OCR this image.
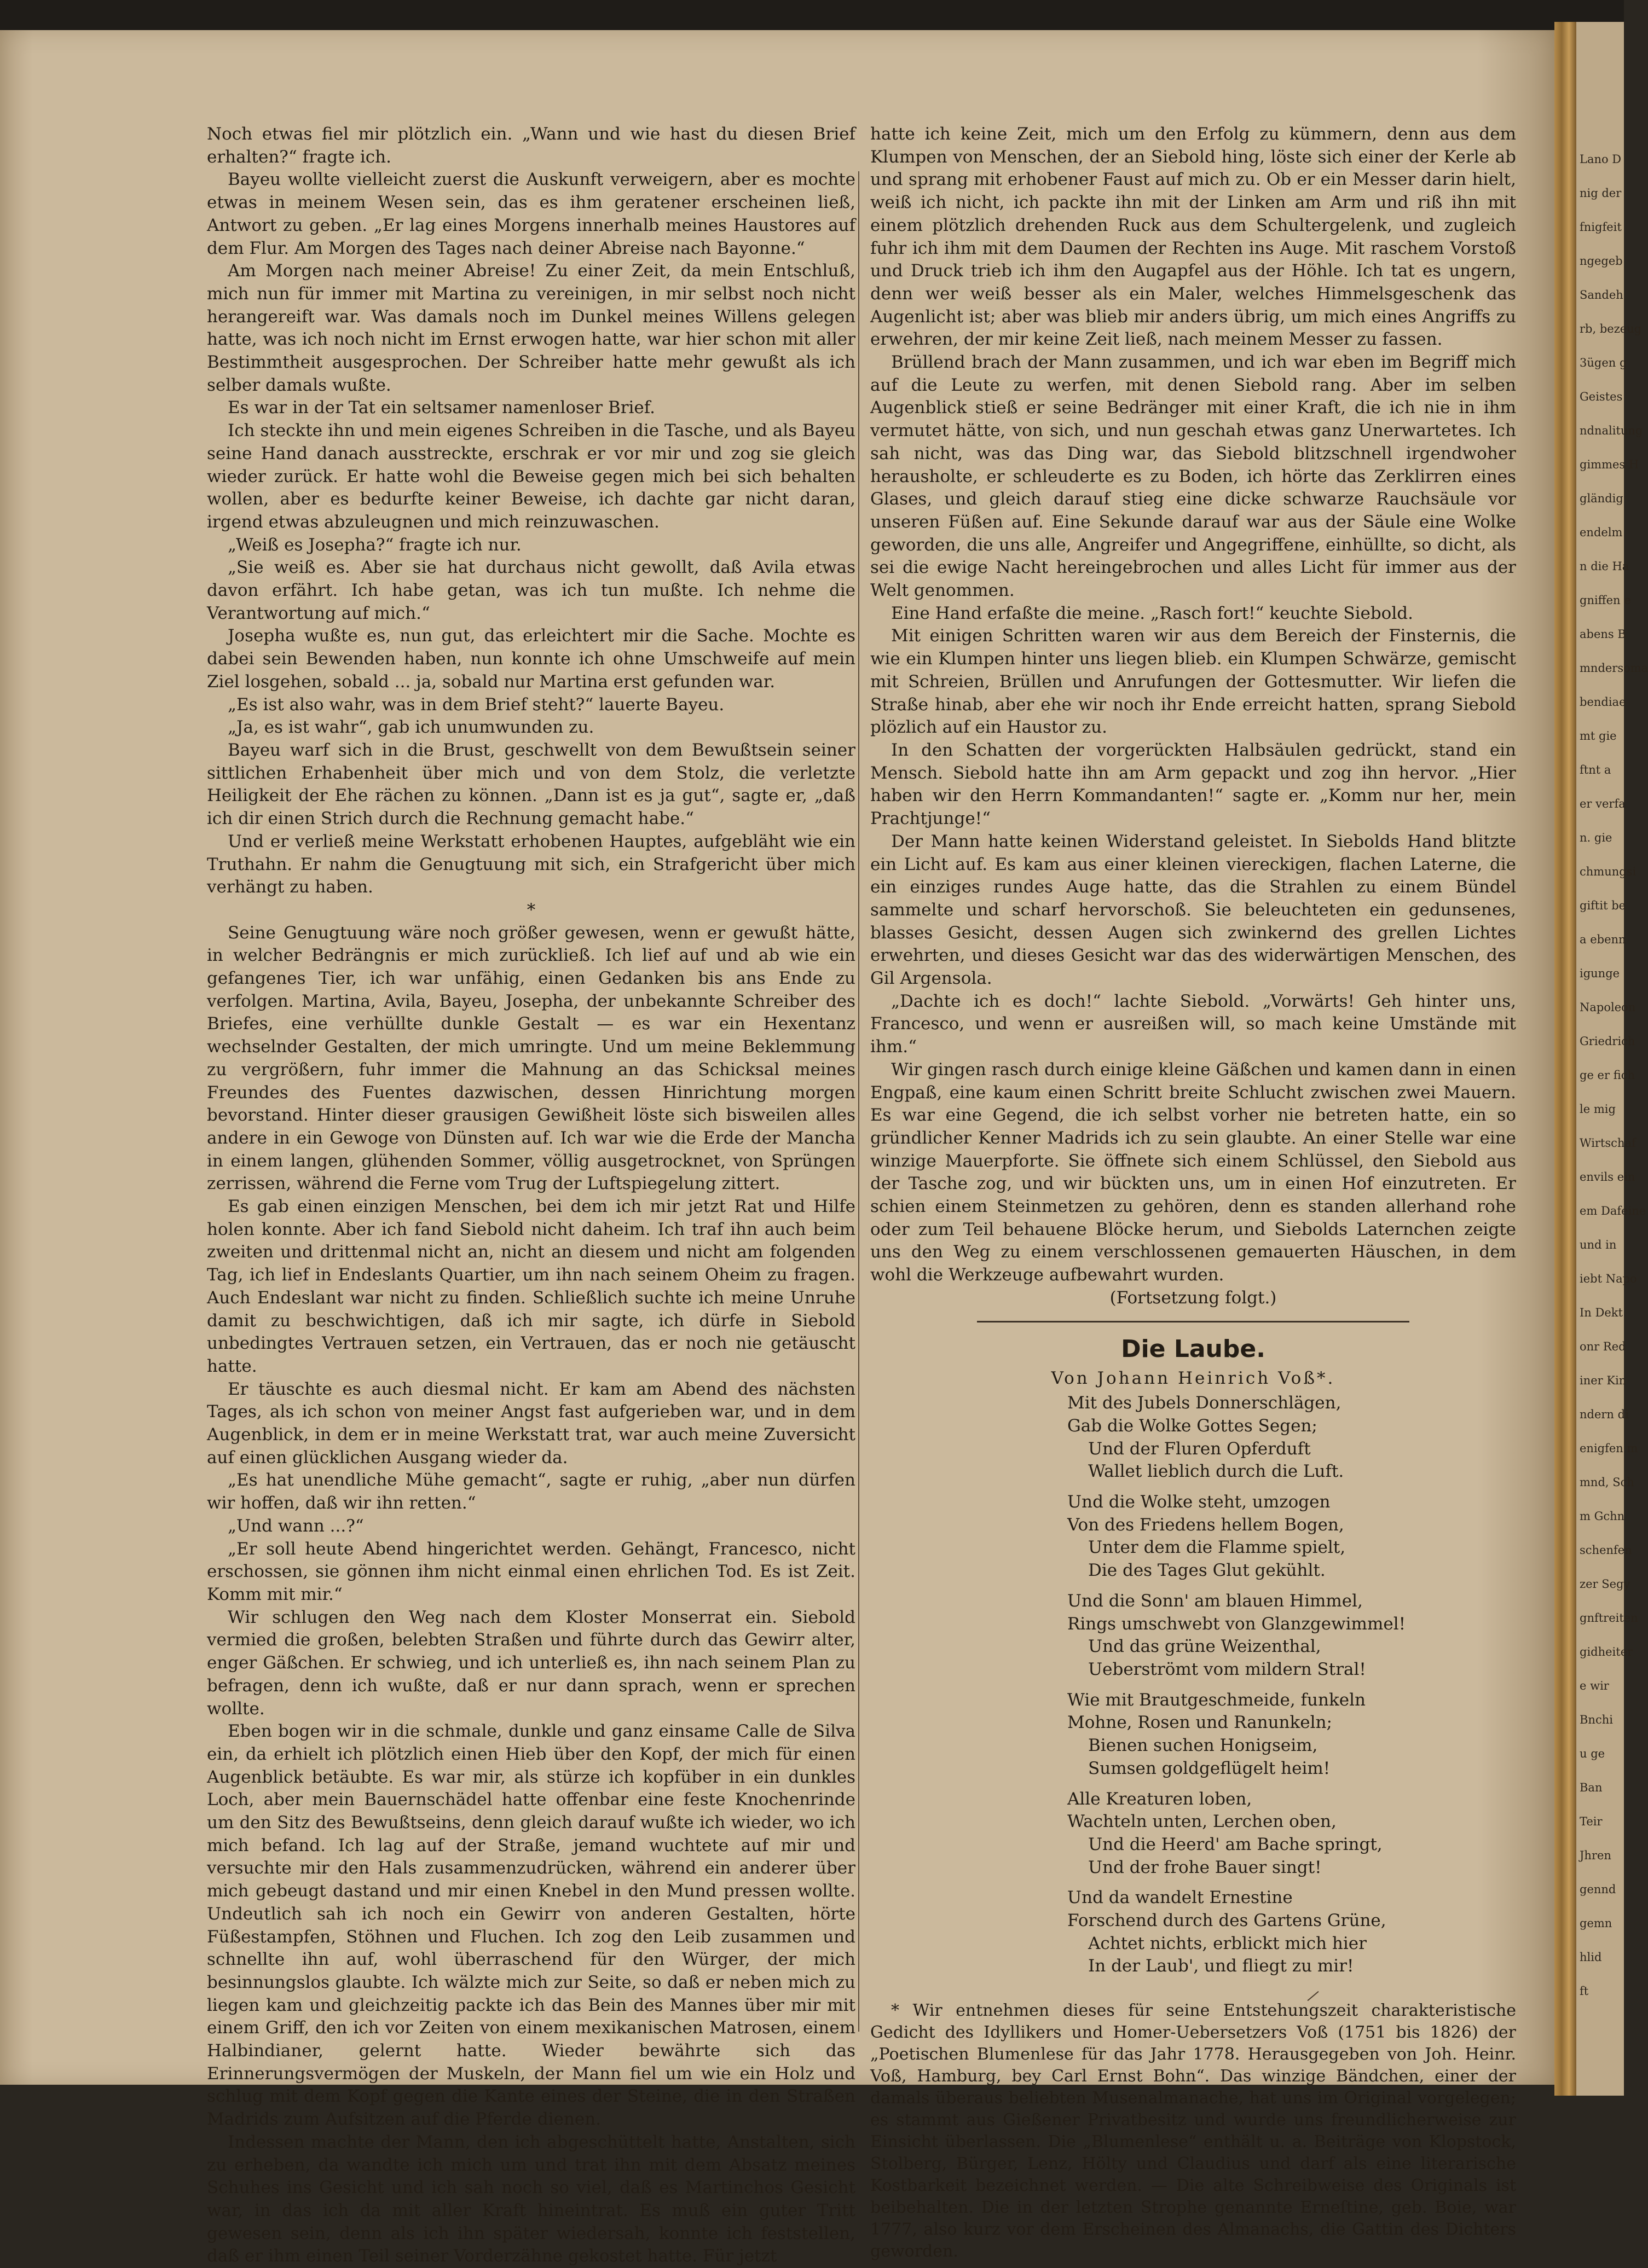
Noch etwas fiel mir plötzlich ein. „Wann und wie hast du diesen Brief erhalten?“ fragte ich.

Bayeu wollte vielleicht zuerst die Auskunft verweigern, aber es mochte etwas in meinem Wesen sein, das es ihm geratener erscheinen ließ, Antwort zu geben. „Er lag eines Morgens innerhalb meines Haustores auf dem Flur. Am Morgen des Tages nach deiner Abreise nach Bayonne.“

Am Morgen nach meiner Abreise! Zu einer Zeit, da mein Entschluß, mich nun für immer mit Martina zu vereinigen, in mir selbst noch nicht herangereift war. Was damals noch im Dunkel meines Willens gelegen hatte, was ich noch nicht im Ernst erwogen hatte, war hier schon mit aller Bestimmtheit ausgesprochen. Der Schreiber hatte mehr gewußt als ich selber damals wußte.

Es war in der Tat ein seltsamer namenloser Brief.

Ich steckte ihn und mein eigenes Schreiben in die Tasche, und als Bayeu seine Hand danach ausstreckte, erschrak er vor mir und zog sie gleich wieder zurück. Er hatte wohl die Beweise gegen mich bei sich behalten wollen, aber es bedurfte keiner Beweise, ich dachte gar nicht daran, irgend etwas abzuleugnen und mich reinzuwaschen.

„Weiß es Josepha?“ fragte ich nur.

„Sie weiß es. Aber sie hat durchaus nicht gewollt, daß Avila etwas davon erfährt. Ich habe getan, was ich tun mußte. Ich nehme die Verantwortung auf mich.“

Josepha wußte es, nun gut, das erleichtert mir die Sache. Mochte es dabei sein Bewenden haben, nun konnte ich ohne Umschweife auf mein Ziel losgehen, sobald ... ja, sobald nur Martina erst gefunden war.

„Es ist also wahr, was in dem Brief steht?“ lauerte Bayeu.

„Ja, es ist wahr“, gab ich unumwunden zu.

Bayeu warf sich in die Brust, geschwellt von dem Bewußtsein seiner sittlichen Erhabenheit über mich und von dem Stolz, die verletzte Heiligkeit der Ehe rächen zu können. „Dann ist es ja gut“, sagte er, „daß ich dir einen Strich durch die Rechnung gemacht habe.“

Und er verließ meine Werkstatt erhobenen Hauptes, aufgebläht wie ein Truthahn. Er nahm die Genugtuung mit sich, ein Strafgericht über mich verhängt zu haben.

*

Seine Genugtuung wäre noch größer gewesen, wenn er gewußt hätte, in welcher Bedrängnis er mich zurückließ. Ich lief auf und ab wie ein gefangenes Tier, ich war unfähig, einen Gedanken bis ans Ende zu verfolgen. Martina, Avila, Bayeu, Josepha, der unbekannte Schreiber des Briefes, eine verhüllte dunkle Gestalt — es war ein Hexentanz wechselnder Gestalten, der mich umringte. Und um meine Beklemmung zu vergrößern, fuhr immer die Mahnung an das Schicksal meines Freundes des Fuentes dazwischen, dessen Hinrichtung morgen bevorstand. Hinter dieser grausigen Gewißheit löste sich bisweilen alles andere in ein Gewoge von Dünsten auf. Ich war wie die Erde der Mancha in einem langen, glühenden Sommer, völlig ausgetrocknet, von Sprüngen zerrissen, während die Ferne vom Trug der Luftspiegelung zittert.

Es gab einen einzigen Menschen, bei dem ich mir jetzt Rat und Hilfe holen konnte. Aber ich fand Siebold nicht daheim. Ich traf ihn auch beim zweiten und drittenmal nicht an, nicht an diesem und nicht am folgenden Tag, ich lief in Endeslants Quartier, um ihn nach seinem Oheim zu fragen. Auch Endeslant war nicht zu finden. Schließlich suchte ich meine Unruhe damit zu beschwichtigen, daß ich mir sagte, ich dürfe in Siebold unbedingtes Vertrauen setzen, ein Vertrauen, das er noch nie getäuscht hatte.

Er täuschte es auch diesmal nicht. Er kam am Abend des nächsten Tages, als ich schon von meiner Angst fast aufgerieben war, und in dem Augenblick, in dem er in meine Werkstatt trat, war auch meine Zuversicht auf einen glücklichen Ausgang wieder da.

„Es hat unendliche Mühe gemacht“, sagte er ruhig, „aber nun dürfen wir hoffen, daß wir ihn retten.“

„Und wann ...?“

„Er soll heute Abend hingerichtet werden. Gehängt, Francesco, nicht erschossen, sie gönnen ihm nicht einmal einen ehrlichen Tod. Es ist Zeit. Komm mit mir.“

Wir schlugen den Weg nach dem Kloster Monserrat ein. Siebold vermied die großen, belebten Straßen und führte durch das Gewirr alter, enger Gäßchen. Er schwieg, und ich unterließ es, ihn nach seinem Plan zu befragen, denn ich wußte, daß er nur dann sprach, wenn er sprechen wollte.

Eben bogen wir in die schmale, dunkle und ganz einsame Calle de Silva ein, da erhielt ich plötzlich einen Hieb über den Kopf, der mich für einen Augenblick betäubte. Es war mir, als stürze ich kopfüber in ein dunkles Loch, aber mein Bauernschädel hatte offenbar eine feste Knochenrinde um den Sitz des Bewußtseins, denn gleich darauf wußte ich wieder, wo ich mich befand. Ich lag auf der Straße, jemand wuchtete auf mir und versuchte mir den Hals zusammenzudrücken, während ein anderer über mich gebeugt dastand und mir einen Knebel in den Mund pressen wollte. Undeutlich sah ich noch ein Gewirr von anderen Gestalten, hörte Füßestampfen, Stöhnen und Fluchen. Ich zog den Leib zusammen und schnellte ihn auf, wohl überraschend für den Würger, der mich besinnungslos glaubte. Ich wälzte mich zur Seite, so daß er neben mich zu liegen kam und gleichzeitig packte ich das Bein des Mannes über mir mit einem Griff, den ich vor Zeiten von einem mexikanischen Matrosen, einem Halbindianer, gelernt hatte. Wieder bewährte sich das Erinnerungsvermögen der Muskeln, der Mann fiel um wie ein Holz und schlug mit dem Kopf gegen die Kante eines der Steine, die in den Straßen Madrids zum Aufsitzen auf die Pferde dienen.

Indessen machte der Mann, den ich abgeschüttelt hatte, Anstalten, sich zu erheben, da wandte ich mich um und trat ihn mit dem Absatz meines Schuhes ins Gesicht und ich sah noch so viel, daß es Martinchos Gesicht war, in das ich da mit aller Kraft hineintrat. Es muß ein guter Tritt gewesen sein, denn als ich ihn später wiedersah, konnte ich feststellen, daß er ihm einen Teil seiner Vorderzähne gekostet hatte. Für jetzt

hatte ich keine Zeit, mich um den Erfolg zu kümmern, denn aus dem Klumpen von Menschen, der an Siebold hing, löste sich einer der Kerle ab und sprang mit erhobener Faust auf mich zu. Ob er ein Messer darin hielt, weiß ich nicht, ich packte ihn mit der Linken am Arm und riß ihn mit einem plötzlich drehenden Ruck aus dem Schultergelenk, und zugleich fuhr ich ihm mit dem Daumen der Rechten ins Auge. Mit raschem Vorstoß und Druck trieb ich ihm den Augapfel aus der Höhle. Ich tat es ungern, denn wer weiß besser als ein Maler, welches Himmelsgeschenk das Augenlicht ist; aber was blieb mir anders übrig, um mich eines Angriffs zu erwehren, der mir keine Zeit ließ, nach meinem Messer zu fassen.

Brüllend brach der Mann zusammen, und ich war eben im Begriff mich auf die Leute zu werfen, mit denen Siebold rang. Aber im selben Augenblick stieß er seine Bedränger mit einer Kraft, die ich nie in ihm vermutet hätte, von sich, und nun geschah etwas ganz Unerwartetes. Ich sah nicht, was das Ding war, das Siebold blitzschnell irgendwoher herausholte, er schleuderte es zu Boden, ich hörte das Zerklirren eines Glases, und gleich darauf stieg eine dicke schwarze Rauchsäule vor unseren Füßen auf. Eine Sekunde darauf war aus der Säule eine Wolke geworden, die uns alle, Angreifer und Angegriffene, einhüllte, so dicht, als sei die ewige Nacht hereingebrochen und alles Licht für immer aus der Welt genommen.

Eine Hand erfaßte die meine. „Rasch fort!“ keuchte Siebold.

Mit einigen Schritten waren wir aus dem Bereich der Finsternis, die wie ein Klumpen hinter uns liegen blieb. ein Klumpen Schwärze, gemischt mit Schreien, Brüllen und Anrufungen der Gottesmutter. Wir liefen die Straße hinab, aber ehe wir noch ihr Ende erreicht hatten, sprang Siebold plözlich auf ein Haustor zu.

In den Schatten der vorgerückten Halbsäulen gedrückt, stand ein Mensch. Siebold hatte ihn am Arm gepackt und zog ihn hervor. „Hier haben wir den Herrn Kommandanten!“ sagte er. „Komm nur her, mein Prachtjunge!“

Der Mann hatte keinen Widerstand geleistet. In Siebolds Hand blitzte ein Licht auf. Es kam aus einer kleinen viereckigen, flachen Laterne, die ein einziges rundes Auge hatte, das die Strahlen zu einem Bündel sammelte und scharf hervorschoß. Sie beleuchteten ein gedunsenes, blasses Gesicht, dessen Augen sich zwinkernd des grellen Lichtes erwehrten, und dieses Gesicht war das des widerwärtigen Menschen, des Gil Argensola.

„Dachte ich es doch!“ lachte Siebold. „Vorwärts! Geh hinter uns, Francesco, und wenn er ausreißen will, so mach keine Umstände mit ihm.“

Wir gingen rasch durch einige kleine Gäßchen und kamen dann in einen Engpaß, eine kaum einen Schritt breite Schlucht zwischen zwei Mauern. Es war eine Gegend, die ich selbst vorher nie betreten hatte, ein so gründlicher Kenner Madrids ich zu sein glaubte. An einer Stelle war eine winzige Mauerpforte. Sie öffnete sich einem Schlüssel, den Siebold aus der Tasche zog, und wir bückten uns, um in einen Hof einzutreten. Er schien einem Steinmetzen zu gehören, denn es standen allerhand rohe oder zum Teil behauene Blöcke herum, und Siebolds Laternchen zeigte uns den Weg zu einem verschlossenen gemauerten Häuschen, in dem wohl die Werkzeuge aufbewahrt wurden.

(Fortsetzung folgt.)

Die Laube.

Von Johann Heinrich Voß*.

Mit des Jubels Donnerschlägen,
Gab die Wolke Gottes Segen;
Und der Fluren Opferduft
Wallet lieblich durch die Luft.
Und die Wolke steht, umzogen
Von des Friedens hellem Bogen,
Unter dem die Flamme spielt,
Die des Tages Glut gekühlt.
Und die Sonn' am blauen Himmel,
Rings umschwebt von Glanzgewimmel!
Und das grüne Weizenthal,
Ueberströmt vom mildern Stral!
Wie mit Brautgeschmeide, funkeln
Mohne, Rosen und Ranunkeln;
Bienen suchen Honigseim,
Sumsen goldgeflügelt heim!
Alle Kreaturen loben,
Wachteln unten, Lerchen oben,
Und die Heerd' am Bache springt,
Und der frohe Bauer singt!
Und da wandelt Ernestine
Forschend durch des Gartens Grüne,
Achtet nichts, erblickt mich hier
In der Laub', und fliegt zu mir!

* Wir entnehmen dieses für seine Entstehungszeit charakteristische Gedicht des Idyllikers und Homer-Uebersetzers Voß (1751 bis 1826) der „Poetischen Blumenlese für das Jahr 1778. Herausgegeben von Joh. Heinr. Voß, Hamburg, bey Carl Ernst Bohn“. Das winzige Bändchen, einer der damals überaus beliebten Musenalmanache, hat uns im Original vorgelegen; es stammt aus Gießener Privatbesitz und wurde uns freundlicherweise zur Einsicht überlassen. Die „Blumenlese“ enthält u. a. Beiträge von Klopstock, Stolberg, Bürger, Lenz, Hölty und Claudius und darf als eine literarische Kostbarkeit bezeichnet werden. — Die alte Schreibweise des Originals ist beibehalten. Die in der letzten Strophe genannte Erneſtine, geb. Boie, war 1777, also kurz vor dem Erscheinen des Almanachs, die Gattin des Dichters geworden.

Lano D
nig der
fnigfeit
ngegeb
Sandeh
rb, bezeug
3ügen g
Geistes
ndnalitung
gimmes H
gländig
endelm
n die Ha
gniffen e
abens B
mndersoma
bendiae
mt gie
ftnt a
er verfa
n. gie
chmungsi
giftit be
a ebenn
igunge
Napoleon
Griedrich
ge er fich
le mig
Wirtschaf
envils ein
em Dafeine
und in
iebt Napo
In Dekt
onr Red
iner Kin
ndern di
enigfen m
mnd, Sch
m Gchn
schenfen
zer Segy
gnftreiten
gidheiter
e wir
Bnchi
u ge
Ban
Teir
Jhren
gennd
gemn
hlid
ft
